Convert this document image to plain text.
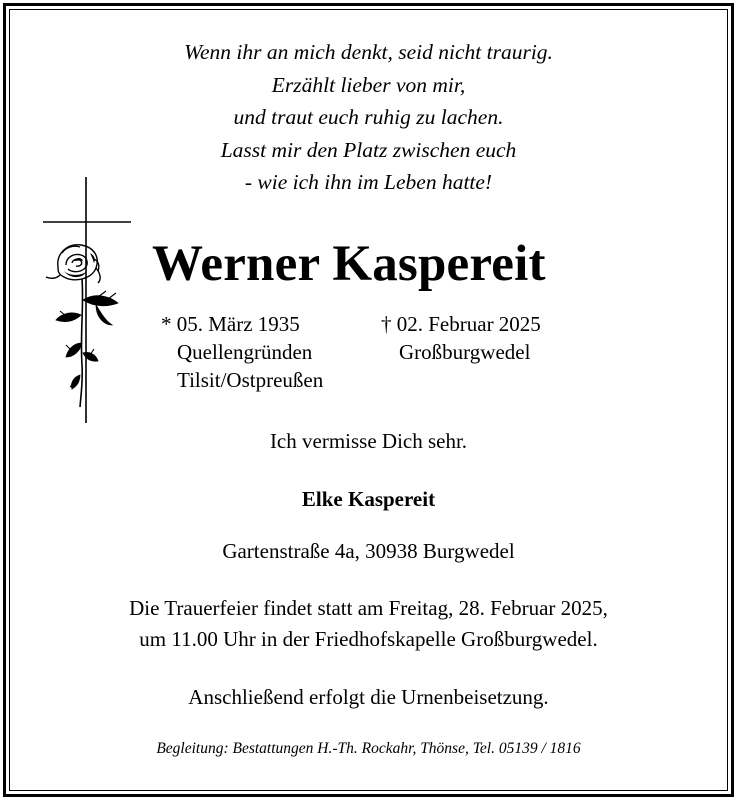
Wenn ihr an mich denkt, seid nicht traurig.
Erzählt lieber von mir,
und traut euch ruhig zu lachen.
Lasst mir den Platz zwischen euch
- wie ich ihn im Leben hatte!
Werner Kaspereit
* 05. März 1935
Quellengründen
Tilsit/Ostpreußen
† 02. Februar 2025
Großburgwedel
Ich vermisse Dich sehr.
Elke Kaspereit
Gartenstraße 4a, 30938 Burgwedel
Die Trauerfeier findet statt am Freitag, 28. Februar 2025,
um 11.00 Uhr in der Friedhofskapelle Großburgwedel.
Anschließend erfolgt die Urnenbeisetzung.
Begleitung: Bestattungen H.-Th. Rockahr, Thönse, Tel. 05139 / 1816
